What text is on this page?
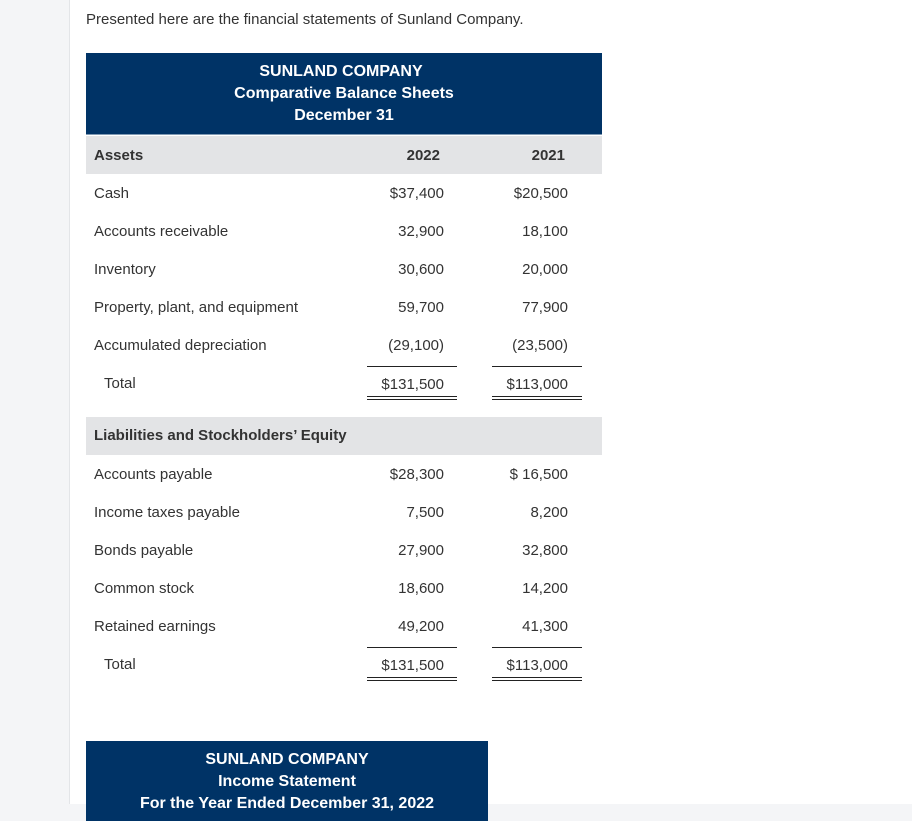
Presented here are the financial statements of Sunland Company.

SUNLAND COMPANY
Comparative Balance Sheets
December 31
Assets	2022	2021
Cash	$37,400	$20,500
Accounts receivable	32,900	18,100
Inventory	30,600	20,000
Property, plant, and equipment	59,700	77,900
Accumulated depreciation	(29,100)	(23,500)
Total	$131,500	$113,000
Liabilities and Stockholders’ Equity
Accounts payable	$28,300	$ 16,500
Income taxes payable	7,500	8,200
Bonds payable	27,900	32,800
Common stock	18,600	14,200
Retained earnings	49,200	41,300
Total	$131,500	$113,000
SUNLAND COMPANY
Income Statement
For the Year Ended December 31, 2022
